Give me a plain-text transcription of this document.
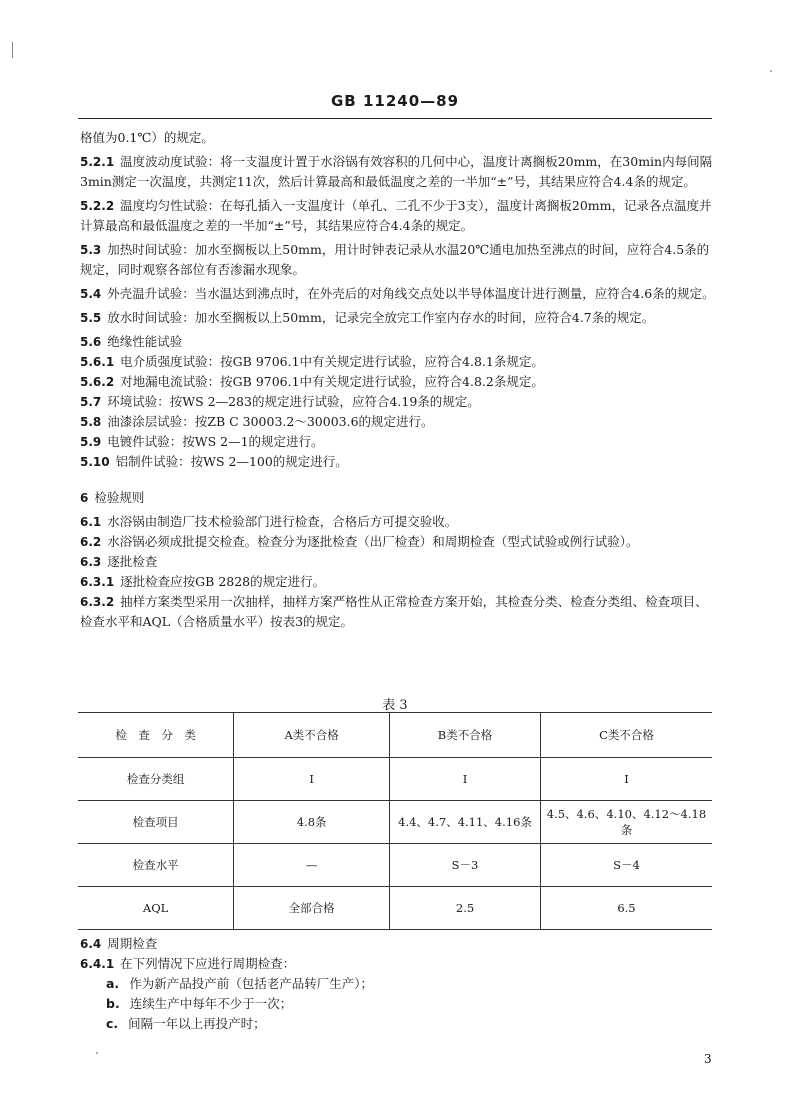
GB 11240—89

格值为0.1℃）的规定。

5.2.1 温度波动度试验：将一支温度计置于水浴锅有效容积的几何中心，温度计离搁板20mm，在30min内每间隔3min测定一次温度，共测定11次，然后计算最高和最低温度之差的一半加“±”号，其结果应符合4.4条的规定。

5.2.2 温度均匀性试验：在每孔插入一支温度计（单孔、二孔不少于3支），温度计离搁板20mm，记录各点温度并计算最高和最低温度之差的一半加“±”号，其结果应符合4.4条的规定。

5.3 加热时间试验：加水至搁板以上50mm，用计时钟表记录从水温20℃通电加热至沸点的时间，应符合4.5条的规定，同时观察各部位有否渗漏水现象。

5.4 外壳温升试验：当水温达到沸点时，在外壳后的对角线交点处以半导体温度计进行测量，应符合4.6条的规定。

5.5 放水时间试验：加水至搁板以上50mm，记录完全放完工作室内存水的时间，应符合4.7条的规定。

5.6 绝缘性能试验

5.6.1 电介质强度试验：按GB 9706.1中有关规定进行试验，应符合4.8.1条规定。

5.6.2 对地漏电流试验：按GB 9706.1中有关规定进行试验，应符合4.8.2条规定。

5.7 环境试验：按WS 2—283的规定进行试验，应符合4.19条的规定。

5.8 油漆涂层试验：按ZB C 30003.2～30003.6的规定进行。

5.9 电镀件试验：按WS 2—1的规定进行。

5.10 铝制件试验：按WS 2—100的规定进行。

6 检验规则

6.1 水浴锅由制造厂技术检验部门进行检查，合格后方可提交验收。

6.2 水浴锅必须成批提交检查。检查分为逐批检查（出厂检查）和周期检查（型式试验或例行试验）。

6.3 逐批检查

6.3.1 逐批检查应按GB 2828的规定进行。

6.3.2 抽样方案类型采用一次抽样，抽样方案严格性从正常检查方案开始，其检查分类、检查分类组、检查项目、检查水平和AQL（合格质量水平）按表3的规定。

表 3
检　查　分　类	A类不合格	B类不合格	C类不合格
检查分类组	I	I	I
检查项目	4.8条	4.4、4.7、4.11、4.16条	4.5、4.6、4.10、4.12～4.18条
检查水平	—	S－3	S－4
AQL	全部合格	2.5	6.5

6.4 周期检查

6.4.1 在下列情况下应进行周期检查：

a. 作为新产品投产前（包括老产品转厂生产）；

b. 连续生产中每年不少于一次；

c. 间隔一年以上再投产时；

3
